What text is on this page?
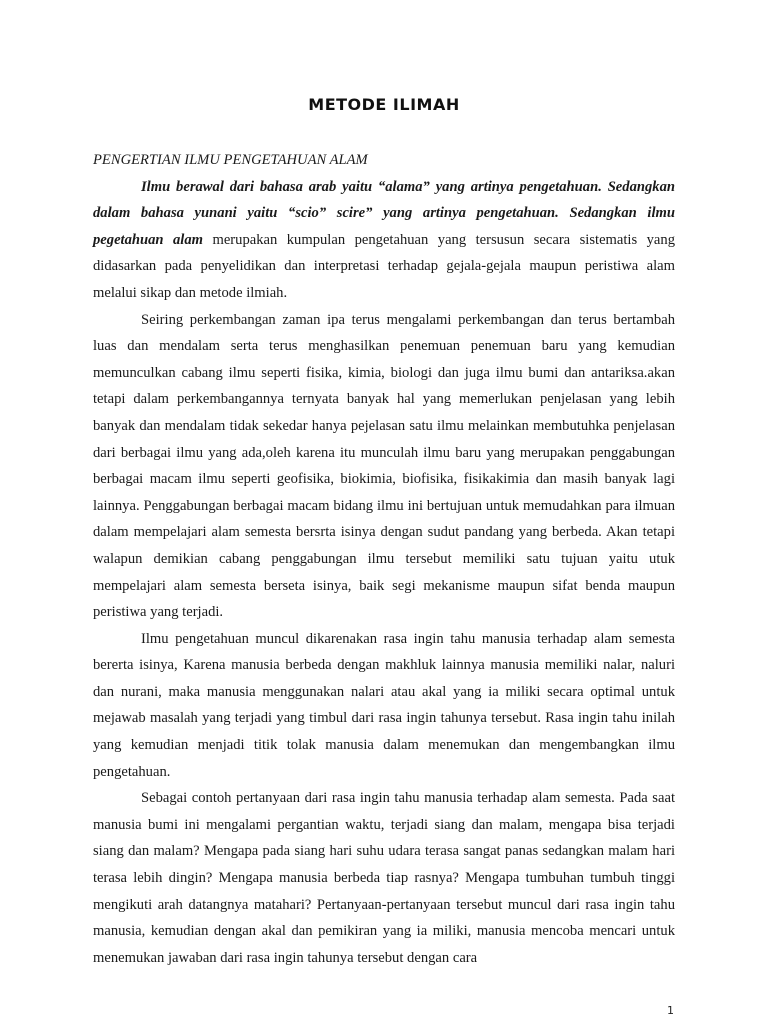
METODE ILIMAH

PENGERTIAN ILMU PENGETAHUAN ALAM

Ilmu berawal dari bahasa arab yaitu “alama” yang artinya pengetahuan. Sedangkan dalam bahasa yunani yaitu “scio” scire” yang artinya pengetahuan. Sedangkan ilmu pegetahuan alam merupakan kumpulan pengetahuan yang tersusun secara sistematis yang didasarkan pada penyelidikan dan interpretasi terhadap gejala-gejala maupun peristiwa alam melalui sikap dan metode ilmiah.

Seiring perkembangan zaman ipa terus mengalami perkembangan dan terus bertambah luas dan mendalam serta terus menghasilkan penemuan penemuan baru yang kemudian memunculkan cabang ilmu seperti fisika, kimia, biologi dan juga ilmu bumi dan antariksa.akan tetapi dalam perkembangannya ternyata banyak hal yang memerlukan penjelasan yang lebih banyak dan mendalam tidak sekedar hanya pejelasan satu ilmu melainkan membutuhka penjelasan dari berbagai ilmu yang ada,oleh karena itu munculah ilmu baru yang merupakan penggabungan berbagai macam ilmu seperti geofisika, biokimia, biofisika, fisikakimia dan masih banyak lagi lainnya. Penggabungan berbagai macam bidang ilmu ini bertujuan untuk memudahkan para ilmuan dalam mempelajari alam semesta bersrta isinya dengan sudut pandang yang berbeda. Akan tetapi walapun demikian cabang penggabungan ilmu tersebut memiliki satu tujuan yaitu utuk mempelajari alam semesta berseta isinya, baik segi mekanisme maupun sifat benda maupun peristiwa yang terjadi.

Ilmu pengetahuan muncul dikarenakan rasa ingin tahu manusia terhadap alam semesta bererta isinya, Karena manusia berbeda dengan makhluk lainnya manusia memiliki nalar, naluri dan nurani, maka manusia menggunakan nalari atau akal yang ia miliki secara optimal untuk mejawab masalah yang terjadi yang timbul dari rasa ingin tahunya tersebut. Rasa ingin tahu inilah yang kemudian menjadi titik tolak manusia dalam menemukan dan mengembangkan ilmu pengetahuan.

Sebagai contoh pertanyaan dari rasa ingin tahu manusia terhadap alam semesta. Pada saat manusia bumi ini mengalami pergantian waktu, terjadi siang dan malam, mengapa bisa terjadi siang dan malam? Mengapa pada siang hari suhu udara terasa sangat panas sedangkan malam hari terasa lebih dingin? Mengapa manusia berbeda tiap rasnya? Mengapa tumbuhan tumbuh tinggi mengikuti arah datangnya matahari? Pertanyaan-pertanyaan tersebut muncul dari rasa ingin tahu manusia, kemudian dengan akal dan pemikiran yang ia miliki, manusia mencoba mencari untuk menemukan jawaban dari rasa ingin tahunya tersebut dengan cara

1
